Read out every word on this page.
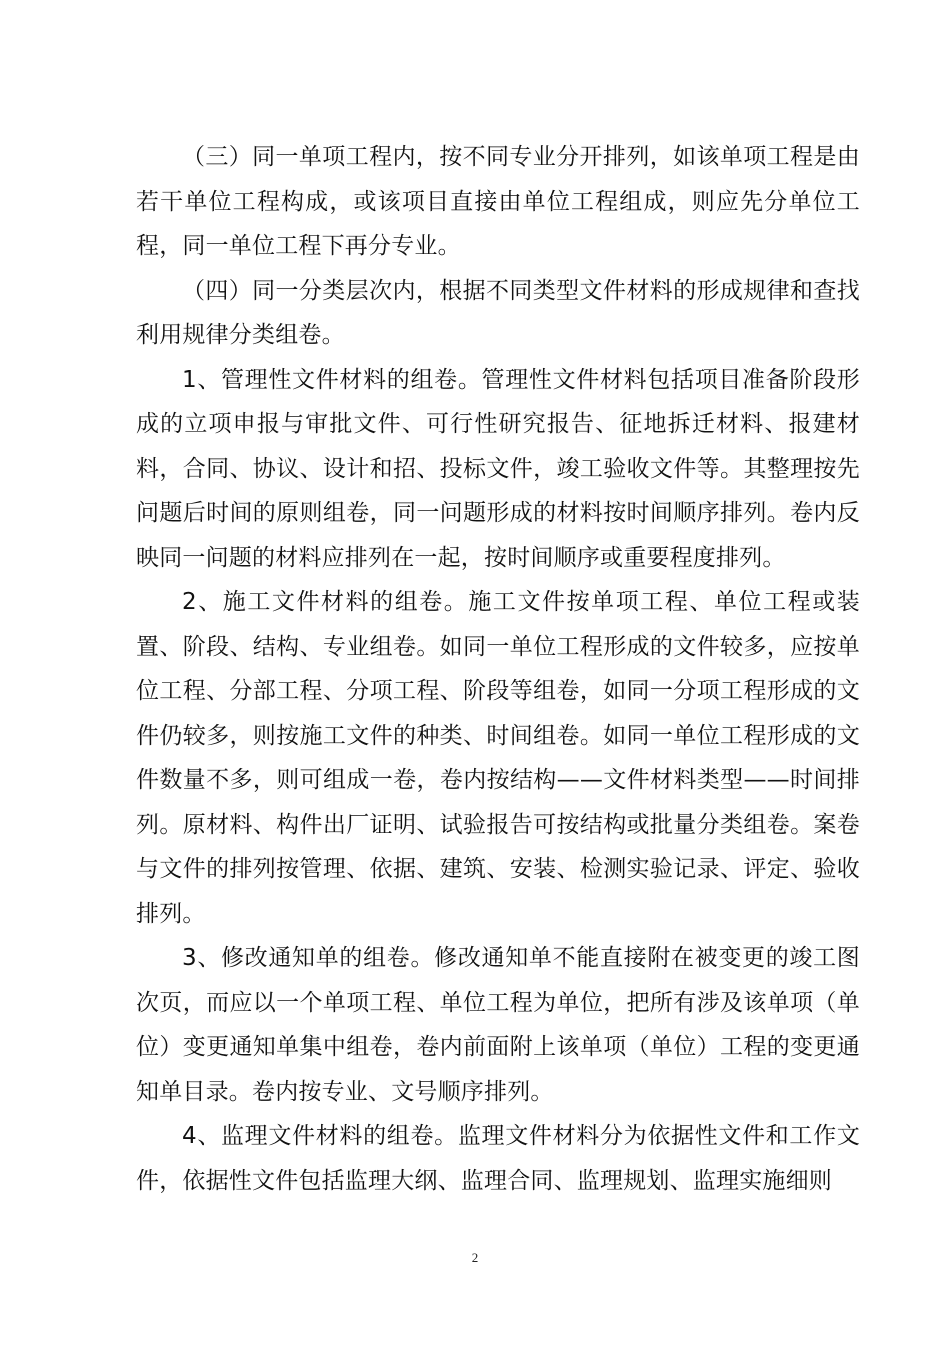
（三）同一单项工程内，按不同专业分开排列，如该单项工程是由若干单位工程构成，或该项目直接由单位工程组成，则应先分单位工程，同一单位工程下再分专业。

（四）同一分类层次内，根据不同类型文件材料的形成规律和查找利用规律分类组卷。

1、管理性文件材料的组卷。管理性文件材料包括项目准备阶段形成的立项申报与审批文件、可行性研究报告、征地拆迁材料、报建材料，合同、协议、设计和招、投标文件，竣工验收文件等。其整理按先问题后时间的原则组卷，同一问题形成的材料按时间顺序排列。卷内反映同一问题的材料应排列在一起，按时间顺序或重要程度排列。

2、施工文件材料的组卷。施工文件按单项工程、单位工程或装置、阶段、结构、专业组卷。如同一单位工程形成的文件较多，应按单位工程、分部工程、分项工程、阶段等组卷，如同一分项工程形成的文件仍较多，则按施工文件的种类、时间组卷。如同一单位工程形成的文件数量不多，则可组成一卷，卷内按结构——文件材料类型——时间排列。原材料、构件出厂证明、试验报告可按结构或批量分类组卷。案卷与文件的排列按管理、依据、建筑、安装、检测实验记录、评定、验收排列。

3、修改通知单的组卷。修改通知单不能直接附在被变更的竣工图次页，而应以一个单项工程、单位工程为单位，把所有涉及该单项（单位）变更通知单集中组卷，卷内前面附上该单项（单位）工程的变更通知单目录。卷内按专业、文号顺序排列。

4、监理文件材料的组卷。监理文件材料分为依据性文件和工作文件，依据性文件包括监理大纲、监理合同、监理规划、监理实施细则

2
